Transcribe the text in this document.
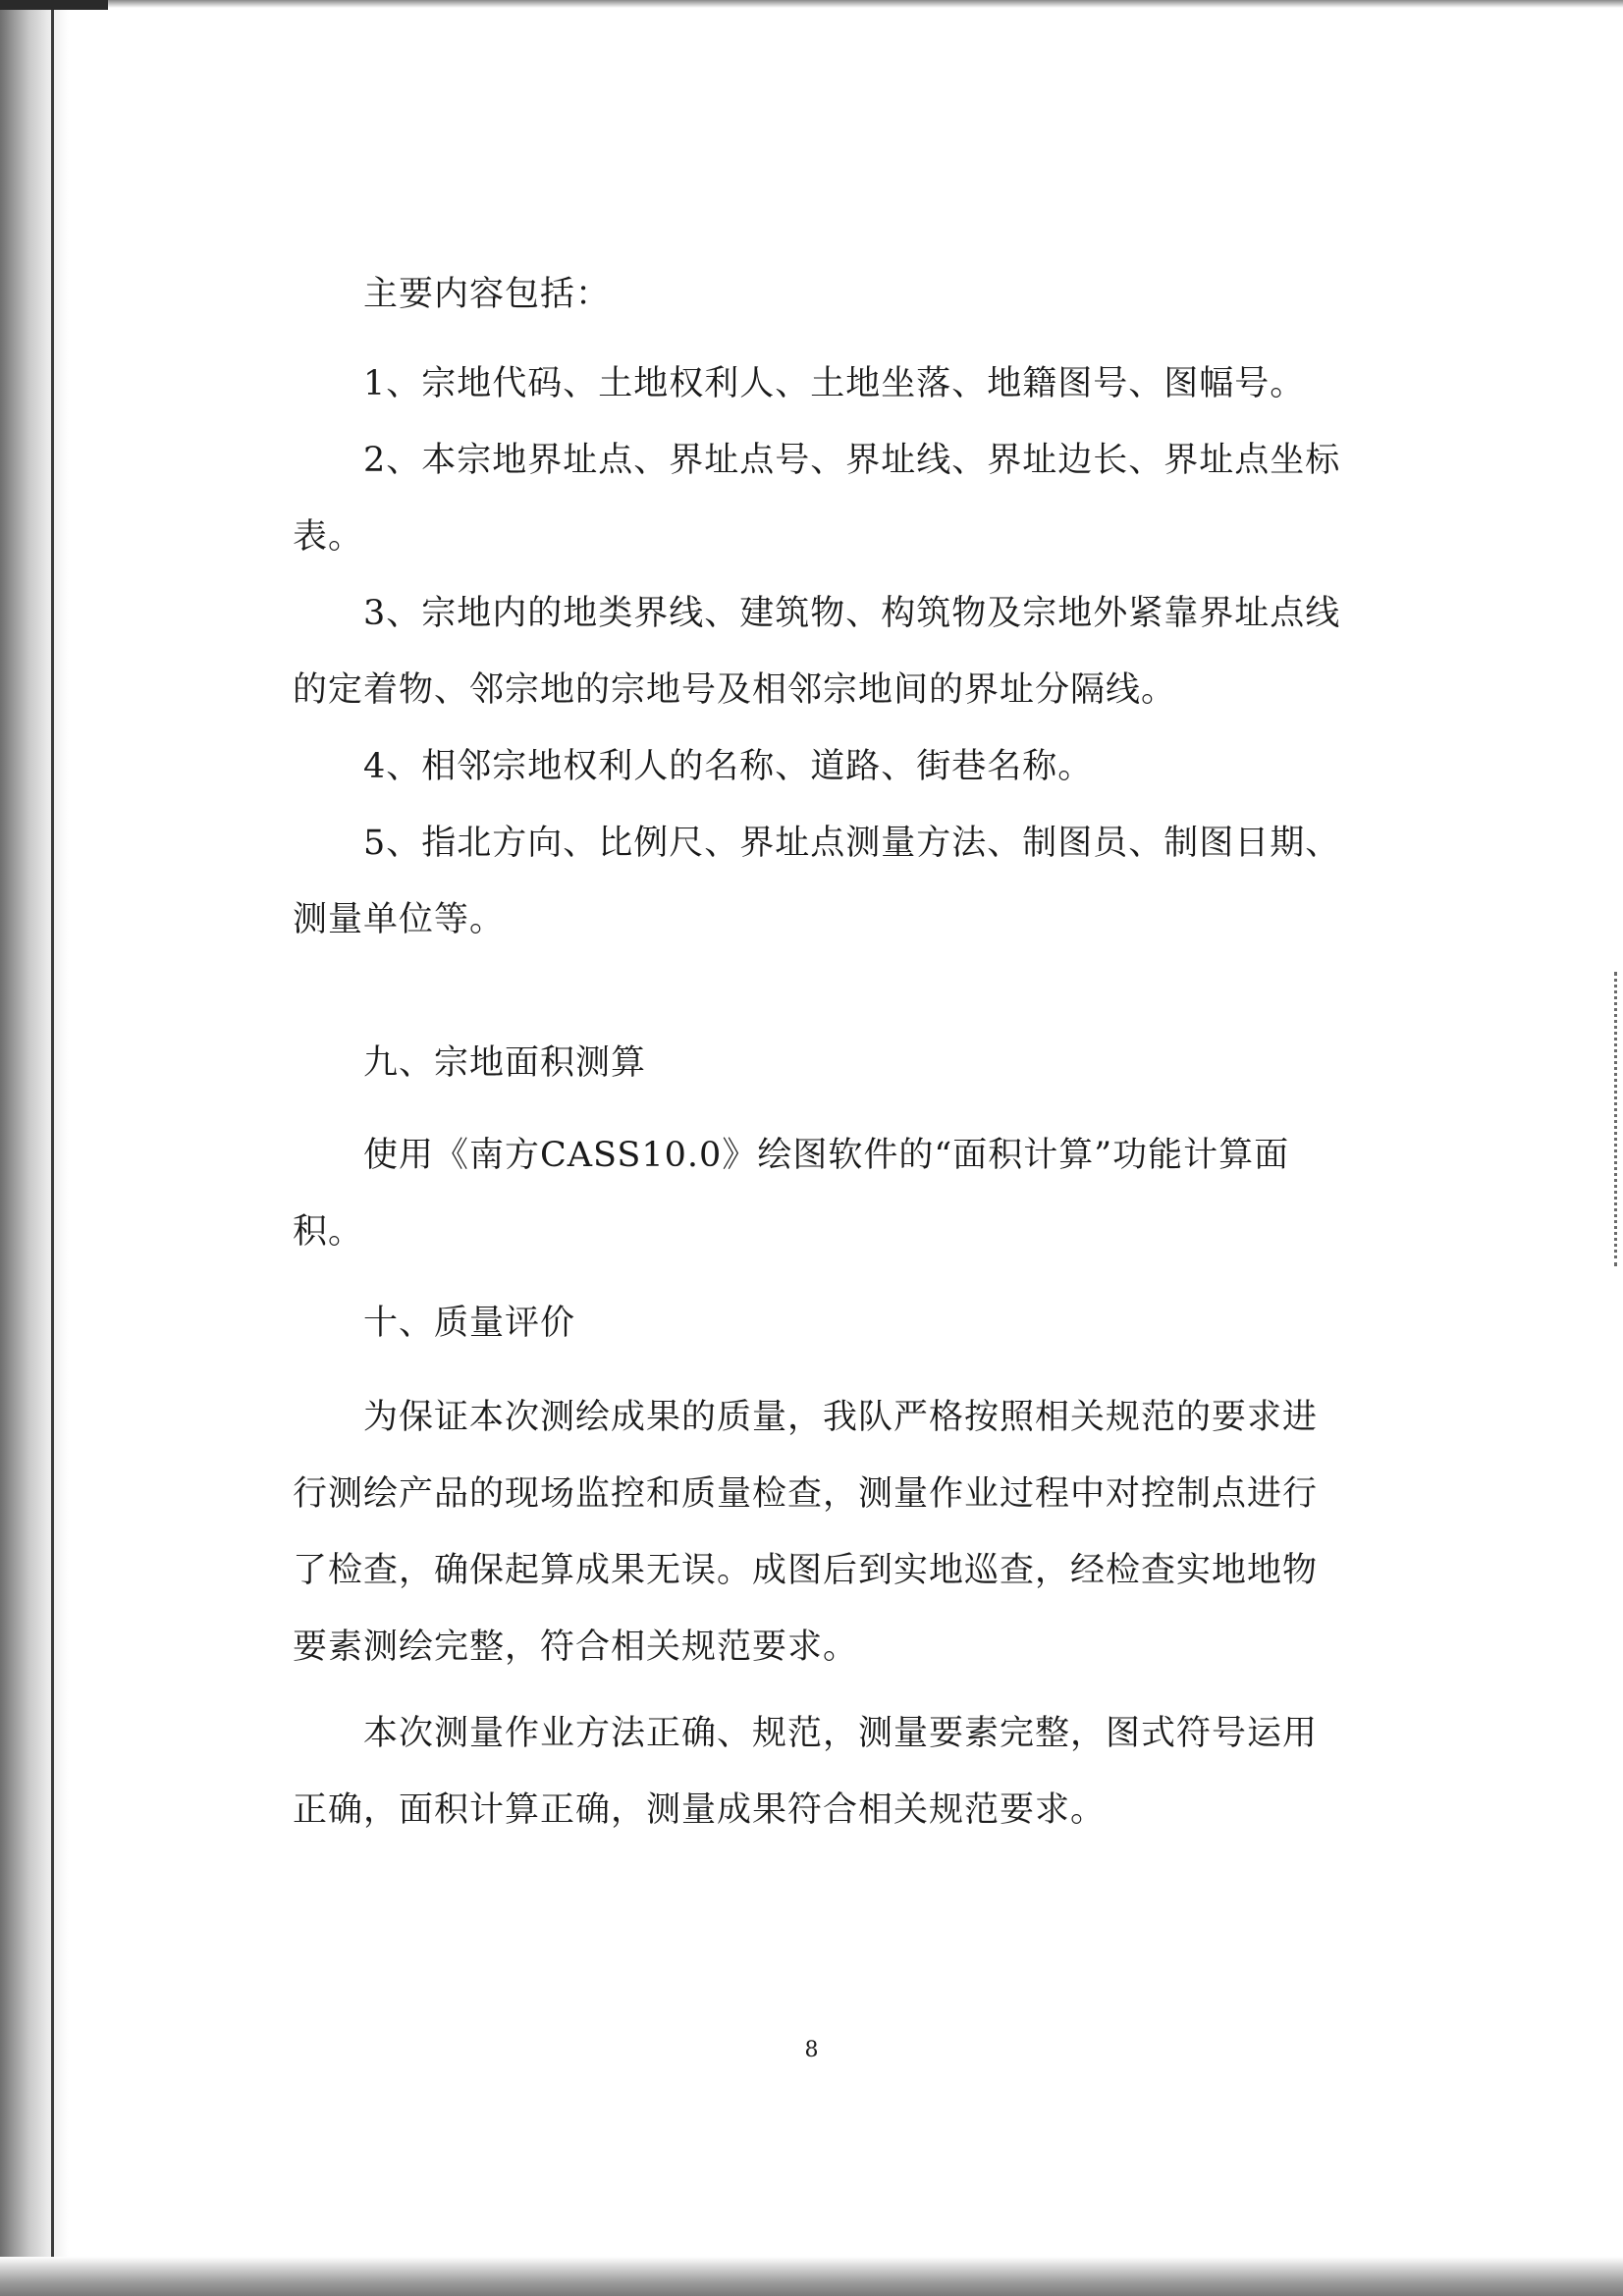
主要内容包括：

1、宗地代码、土地权利人、土地坐落、地籍图号、图幅号。

2、本宗地界址点、界址点号、界址线、界址边长、界址点坐标表。

3、宗地内的地类界线、建筑物、构筑物及宗地外紧靠界址点线的定着物、邻宗地的宗地号及相邻宗地间的界址分隔线。

4、相邻宗地权利人的名称、道路、街巷名称。

5、指北方向、比例尺、界址点测量方法、制图员、制图日期、测量单位等。

九、宗地面积测算

使用《南方CASS10.0》绘图软件的“面积计算”功能计算面积。

十、质量评价

为保证本次测绘成果的质量，我队严格按照相关规范的要求进行测绘产品的现场监控和质量检查，测量作业过程中对控制点进行了检查，确保起算成果无误。成图后到实地巡查，经检查实地地物要素测绘完整，符合相关规范要求。

本次测量作业方法正确、规范，测量要素完整，图式符号运用正确，面积计算正确，测量成果符合相关规范要求。

8
